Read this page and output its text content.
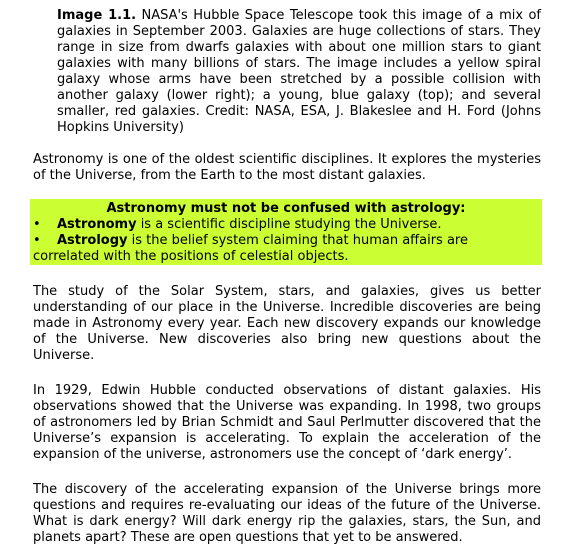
Image 1.1. NASA's Hubble Space Telescope took this image of a mix of galaxies in September 2003. Galaxies are huge collections of stars. They range in size from dwarfs galaxies with about one million stars to giant galaxies with many billions of stars. The image includes a yellow spiral galaxy whose arms have been stretched by a possible collision with another galaxy (lower right); a young, blue galaxy (top); and several smaller, red galaxies. Credit: NASA, ESA, J. Blakeslee and H. Ford (Johns Hopkins University)
Astronomy is one of the oldest scientific disciplines. It explores the mysteries of the Universe, from the Earth to the most distant galaxies.
Astronomy must not be confused with astrology:
• Astronomy is a scientific discipline studying the Universe.
• Astrology is the belief system claiming that human affairs are
correlated with the positions of celestial objects.
The study of the Solar System, stars, and galaxies, gives us better understanding of our place in the Universe. Incredible discoveries are being made in Astronomy every year. Each new discovery expands our knowledge of the Universe. New discoveries also bring new questions about the Universe.
In 1929, Edwin Hubble conducted observations of distant galaxies. His observations showed that the Universe was expanding. In 1998, two groups of astronomers led by Brian Schmidt and Saul Perlmutter discovered that the Universe’s expansion is accelerating. To explain the acceleration of the expansion of the universe, astronomers use the concept of ‘dark energy’.
The discovery of the accelerating expansion of the Universe brings more questions and requires re-evaluating our ideas of the future of the Universe. What is dark energy? Will dark energy rip the galaxies, stars, the Sun, and planets apart? These are open questions that yet to be answered.
